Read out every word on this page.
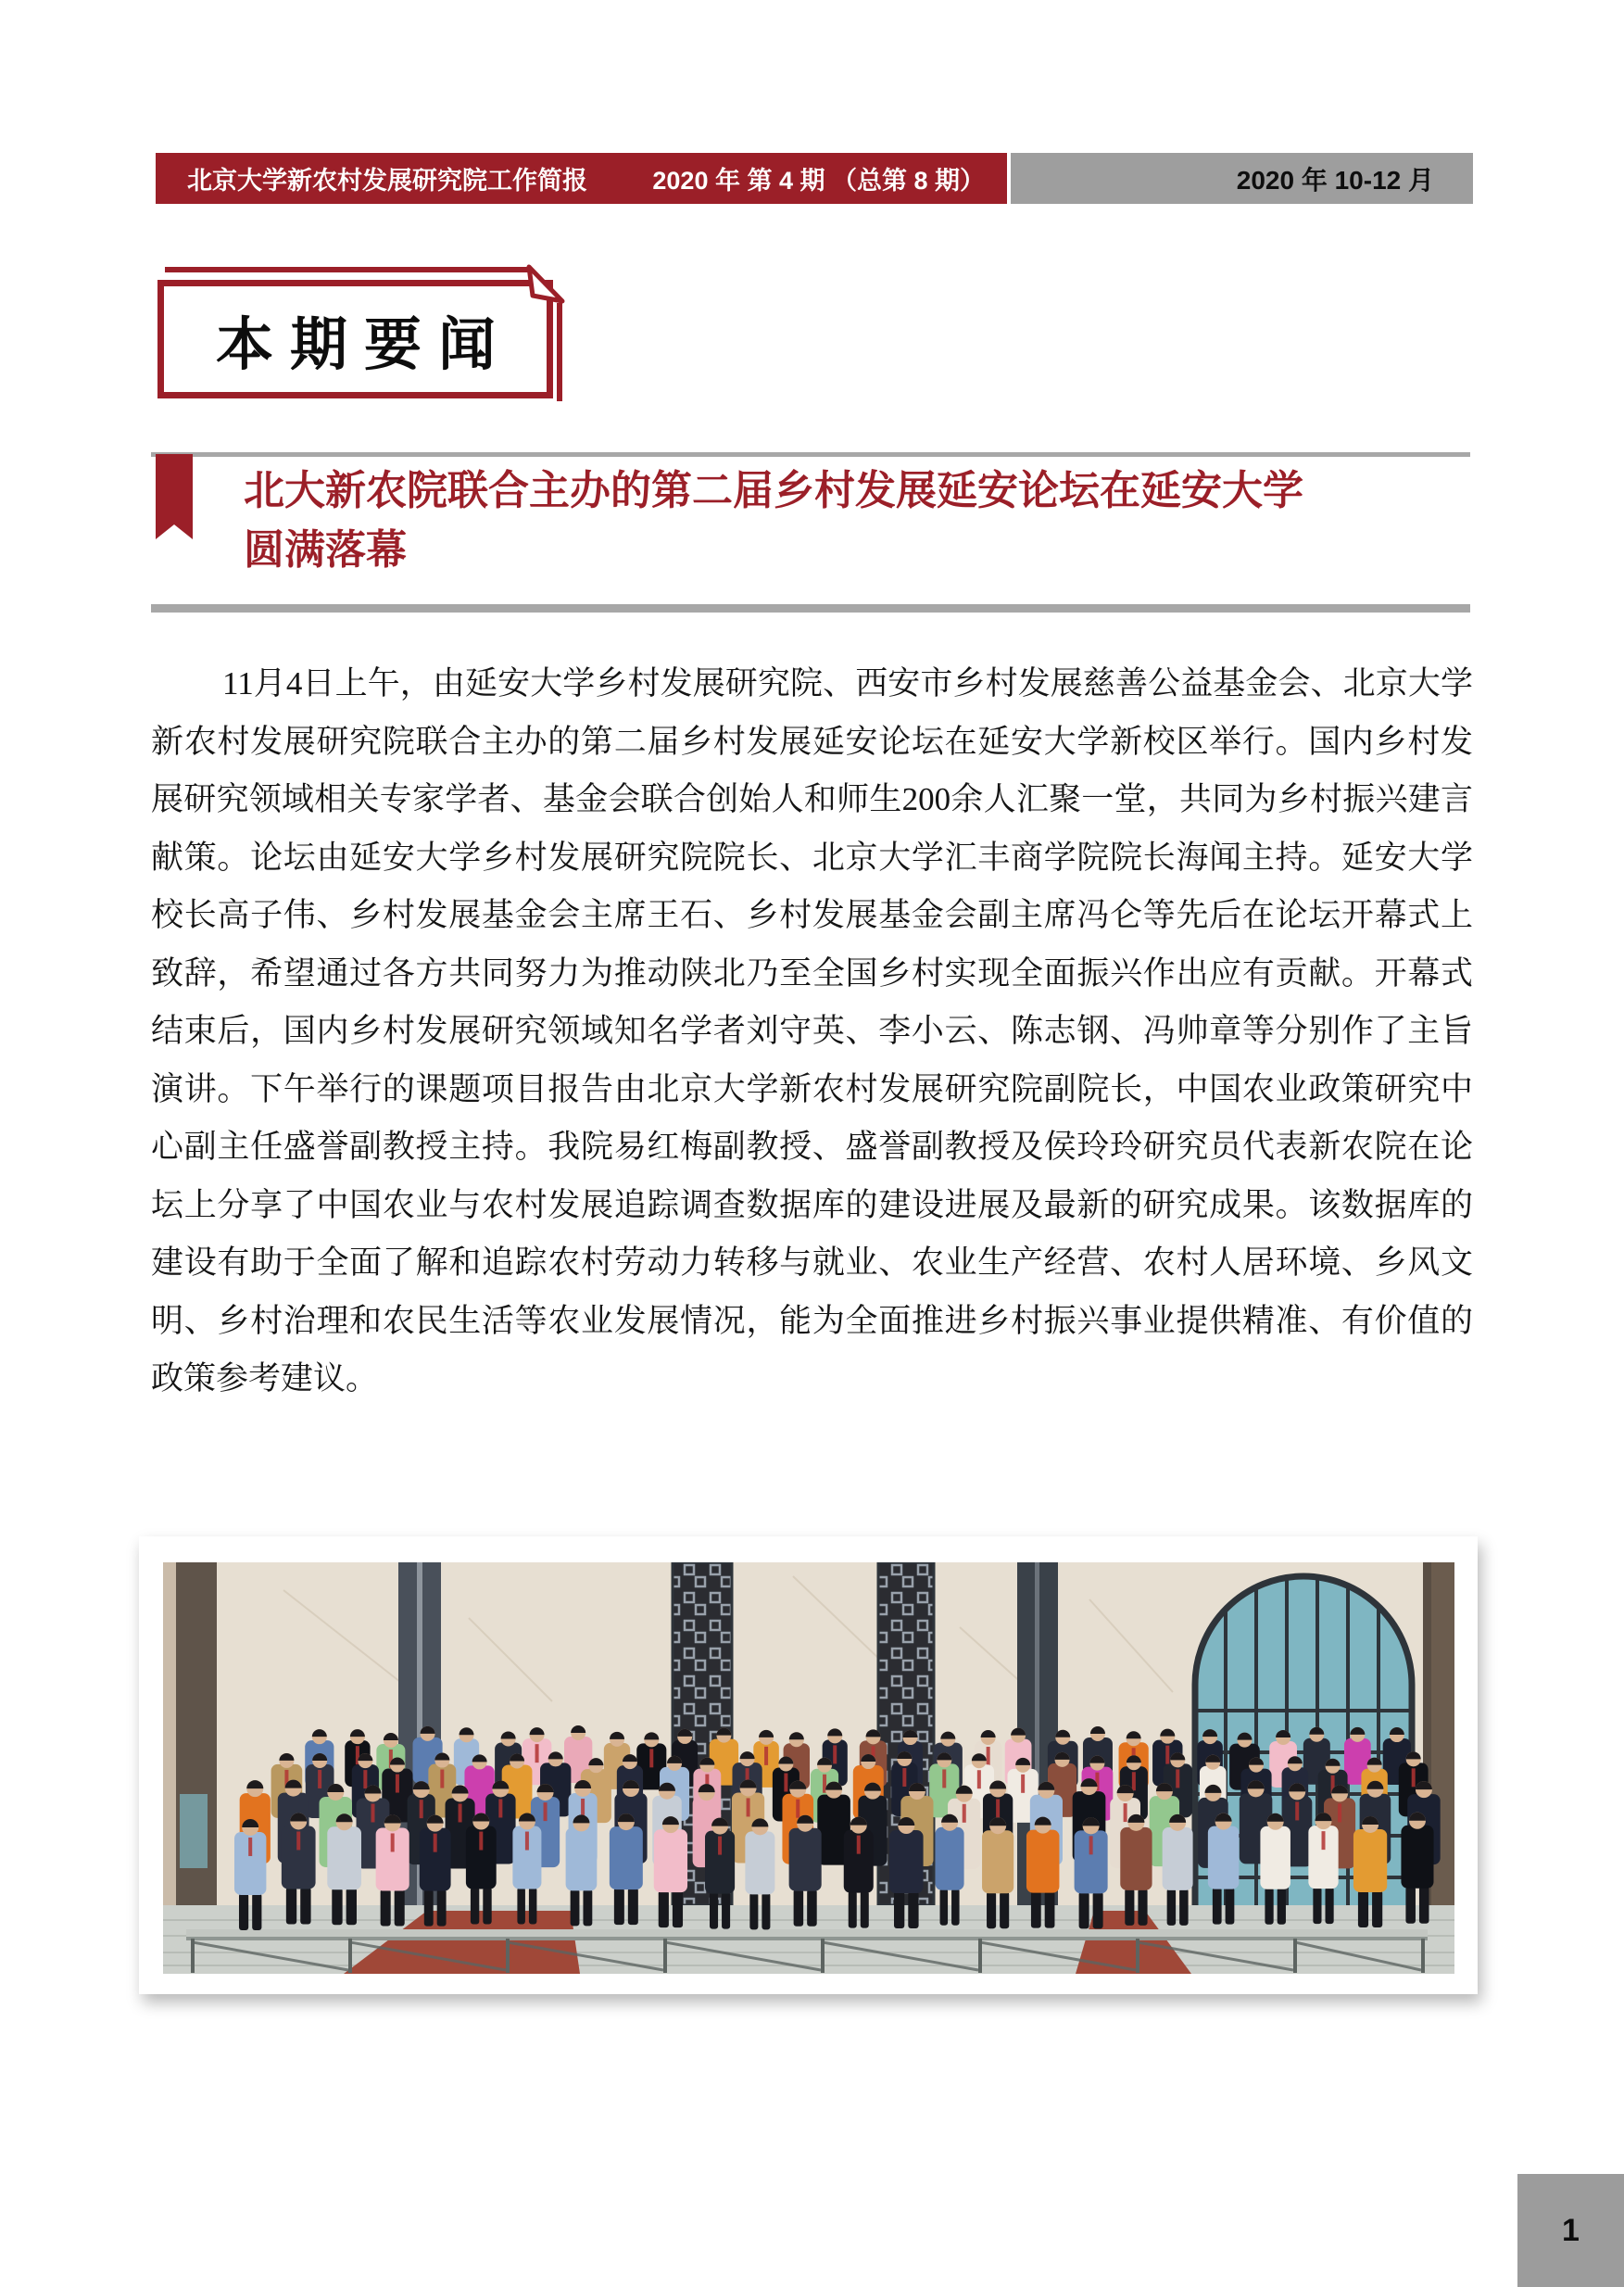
北京大学新农村发展研究院工作简报	2020 年 第 4 期 （总第 8 期）	2020 年 10-12 月
本期要闻
北大新农院联合主办的第二届乡村发展延安论坛在延安大学
圆满落幕

11月4日上午，由延安大学乡村发展研究院、西安市乡村发展慈善公益基金会、北京大学新农村发展研究院联合主办的第二届乡村发展延安论坛在延安大学新校区举行。国内乡村发展研究领域相关专家学者、基金会联合创始人和师生200余人汇聚一堂，共同为乡村振兴建言献策。论坛由延安大学乡村发展研究院院长、北京大学汇丰商学院院长海闻主持。延安大学校长高子伟、乡村发展基金会主席王石、乡村发展基金会副主席冯仑等先后在论坛开幕式上致辞，希望通过各方共同努力为推动陕北乃至全国乡村实现全面振兴作出应有贡献。开幕式结束后，国内乡村发展研究领域知名学者刘守英、李小云、陈志钢、冯帅章等分别作了主旨演讲。下午举行的课题项目报告由北京大学新农村发展研究院副院长，中国农业政策研究中心副主任盛誉副教授主持。我院易红梅副教授、盛誉副教授及侯玲玲研究员代表新农院在论坛上分享了中国农业与农村发展追踪调查数据库的建设进展及最新的研究成果。该数据库的建设有助于全面了解和追踪农村劳动力转移与就业、农业生产经营、农村人居环境、乡风文明、乡村治理和农民生活等农业发展情况，能为全面推进乡村振兴事业提供精准、有价值的政策参考建议。

1
